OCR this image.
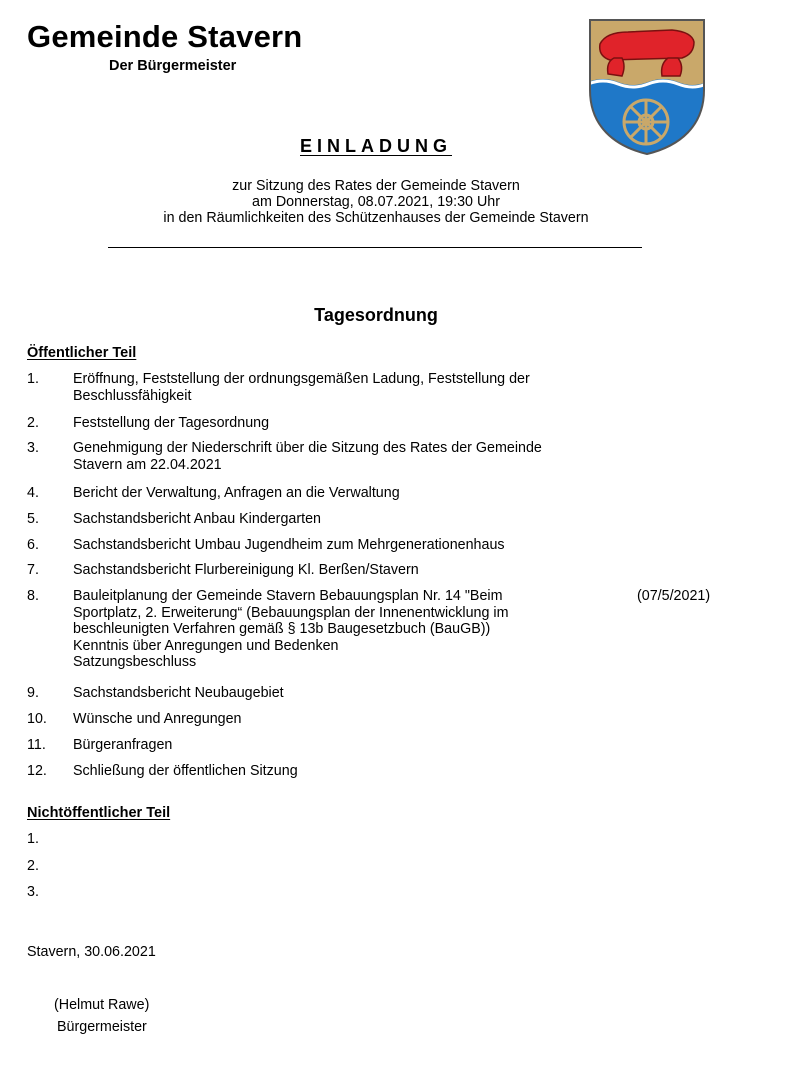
Gemeinde Stavern
Der Bürgermeister
EINLADUNG
zur Sitzung des Rates der Gemeinde Stavern
am Donnerstag, 08.07.2021, 19:30 Uhr
in den Räumlichkeiten des Schützenhauses der Gemeinde Stavern
Tagesordnung
Öffentlicher Teil
1. Eröffnung, Feststellung der ordnungsgemäßen Ladung, Feststellung der
Beschlussfähigkeit
2. Feststellung der Tagesordnung
3. Genehmigung der Niederschrift über die Sitzung des Rates der Gemeinde
Stavern am 22.04.2021
4. Bericht der Verwaltung, Anfragen an die Verwaltung
5. Sachstandsbericht Anbau Kindergarten
6. Sachstandsbericht Umbau Jugendheim zum Mehrgenerationenhaus
7. Sachstandsbericht Flurbereinigung Kl. Berßen/Stavern
8. Bauleitplanung der Gemeinde Stavern Bebauungsplan Nr. 14 "Beim
Sportplatz, 2. Erweiterung“ (Bebauungsplan der Innenentwicklung im
beschleunigten Verfahren gemäß § 13b Baugesetzbuch (BauGB))
Kenntnis über Anregungen und Bedenken
Satzungsbeschluss
(07/5/2021)
9. Sachstandsbericht Neubaugebiet
10. Wünsche und Anregungen
11. Bürgeranfragen
12. Schließung der öffentlichen Sitzung
Nichtöffentlicher Teil
1.
2.
3.
Stavern, 30.06.2021
(Helmut Rawe)
Bürgermeister
